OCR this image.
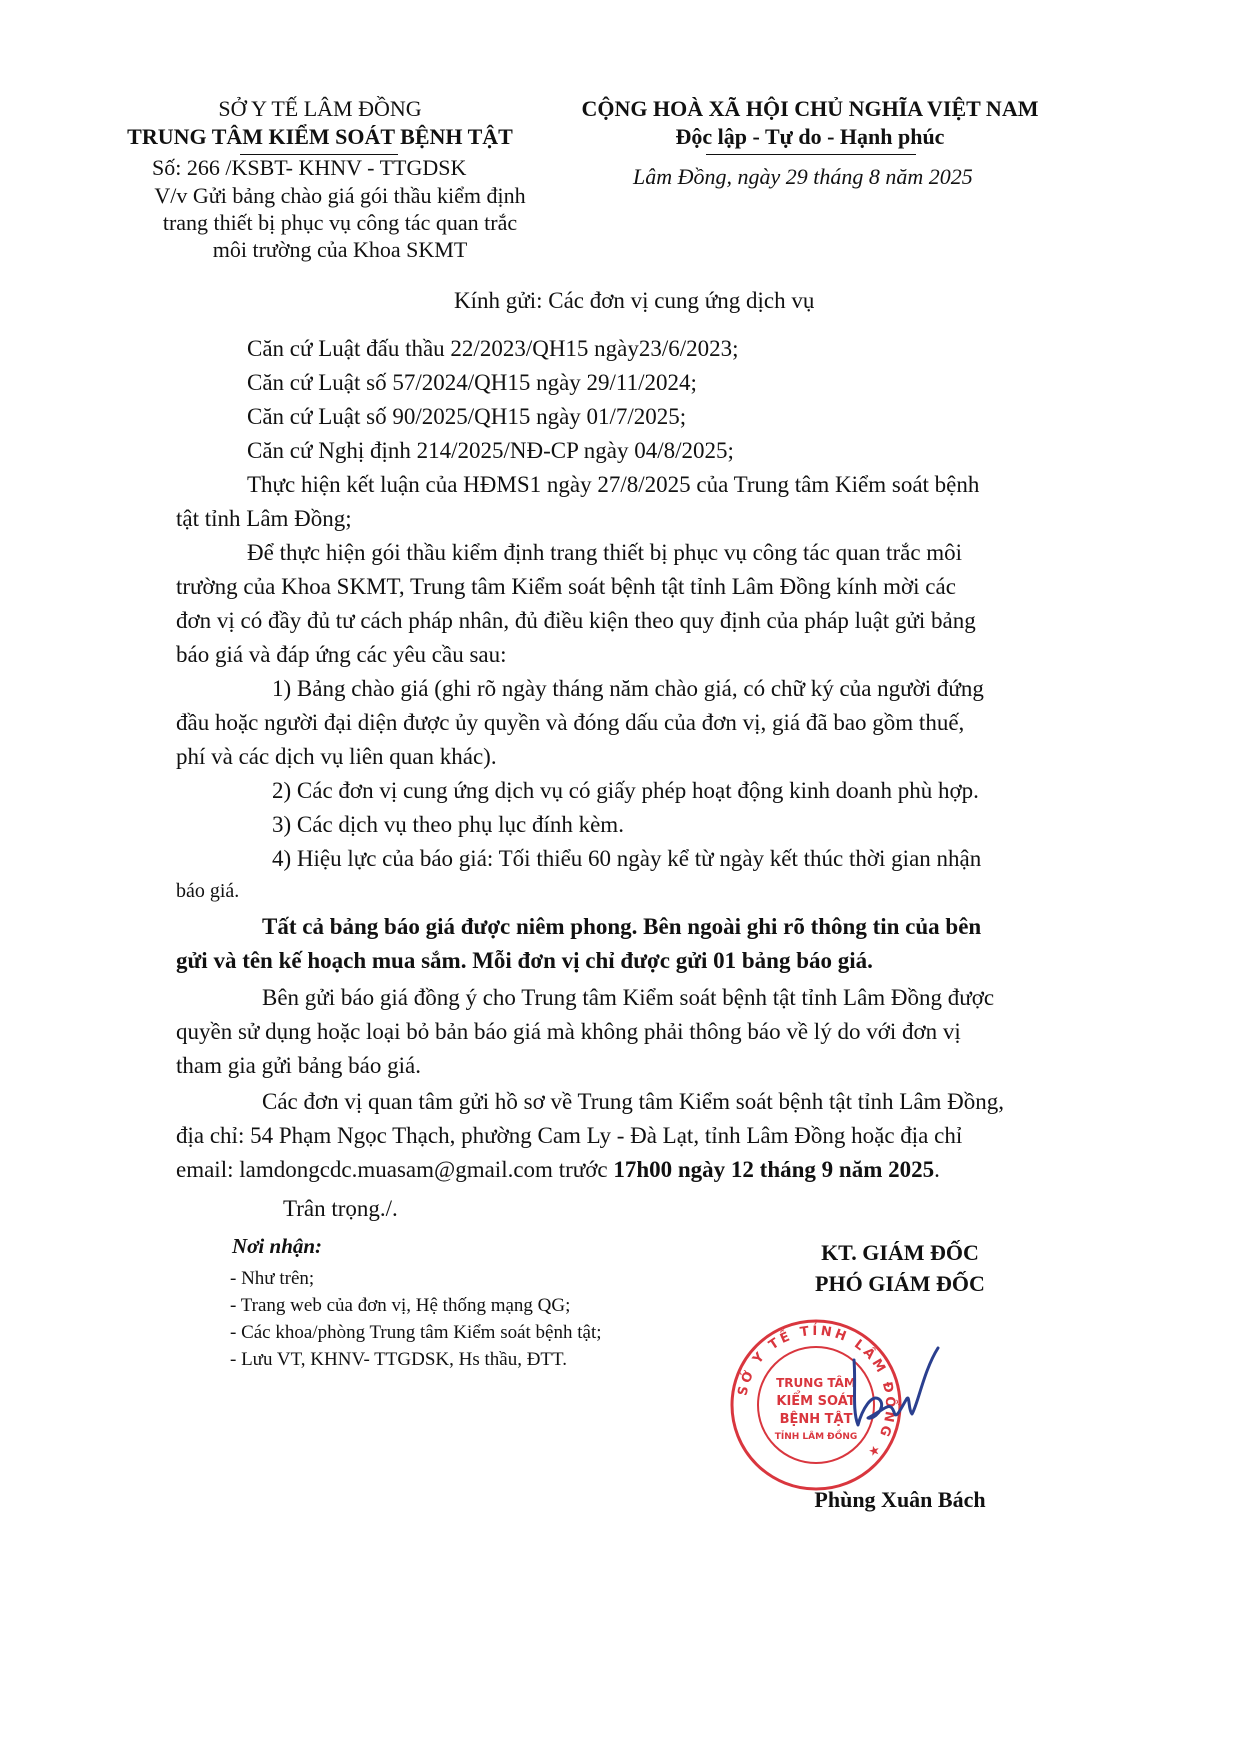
SỞ Y TẾ LÂM ĐỒNG
TRUNG TÂM KIỂM SOÁT BỆNH TẬT
Số: 266 /KSBT- KHNV - TTGDSK
V/v Gửi bảng chào giá gói thầu kiểm định
trang thiết bị phục vụ công tác quan trắc
môi trường của Khoa SKMT
CỘNG HOÀ XÃ HỘI CHỦ NGHĨA VIỆT NAM
Độc lập - Tự do - Hạnh phúc
Lâm Đồng, ngày 29 tháng 8 năm 2025
Kính gửi: Các đơn vị cung ứng dịch vụ
Căn cứ Luật đấu thầu 22/2023/QH15 ngày23/6/2023;
Căn cứ Luật số 57/2024/QH15 ngày 29/11/2024;
Căn cứ Luật số 90/2025/QH15 ngày 01/7/2025;
Căn cứ Nghị định 214/2025/NĐ-CP ngày 04/8/2025;
Thực hiện kết luận của HĐMS1 ngày 27/8/2025 của Trung tâm Kiểm soát bệnh
tật tỉnh Lâm Đồng;
Để thực hiện gói thầu kiểm định trang thiết bị phục vụ công tác quan trắc môi
trường của Khoa SKMT, Trung tâm Kiểm soát bệnh tật tỉnh Lâm Đồng kính mời các
đơn vị có đầy đủ tư cách pháp nhân, đủ điều kiện theo quy định của pháp luật gửi bảng
báo giá và đáp ứng các yêu cầu sau:
1) Bảng chào giá (ghi rõ ngày tháng năm chào giá, có chữ ký của người đứng
đầu hoặc người đại diện được ủy quyền và đóng dấu của đơn vị, giá đã bao gồm thuế,
phí và các dịch vụ liên quan khác).
2) Các đơn vị cung ứng dịch vụ có giấy phép hoạt động kinh doanh phù hợp.
3) Các dịch vụ theo phụ lục đính kèm.
4) Hiệu lực của báo giá: Tối thiểu 60 ngày kể từ ngày kết thúc thời gian nhận
báo giá.
Tất cả bảng báo giá được niêm phong. Bên ngoài ghi rõ thông tin của bên
gửi và tên kế hoạch mua sắm. Mỗi đơn vị chỉ được gửi 01 bảng báo giá.
Bên gửi báo giá đồng ý cho Trung tâm Kiểm soát bệnh tật tỉnh Lâm Đồng được
quyền sử dụng hoặc loại bỏ bản báo giá mà không phải thông báo về lý do với đơn vị
tham gia gửi bảng báo giá.
Các đơn vị quan tâm gửi hồ sơ về Trung tâm Kiểm soát bệnh tật tỉnh Lâm Đồng,
địa chỉ: 54 Phạm Ngọc Thạch, phường Cam Ly - Đà Lạt, tỉnh Lâm Đồng hoặc địa chỉ
email: lamdongcdc.muasam@gmail.com trước 17h00 ngày 12 tháng 9 năm 2025.
Trân trọng./.
Nơi nhận:
- Như trên;
- Trang web của đơn vị, Hệ thống mạng QG;
- Các khoa/phòng Trung tâm Kiểm soát bệnh tật;
- Lưu VT, KHNV- TTGDSK, Hs thầu, ĐTT.
KT. GIÁM ĐỐC
PHÓ GIÁM ĐỐC
SỞ Y TẾ TỈNH LÂM ĐỒNG ★
TRUNG TÂM
KIỂM SOÁT
BỆNH TẬT
TỈNH LÂM ĐỒNG
Phùng Xuân Bách
